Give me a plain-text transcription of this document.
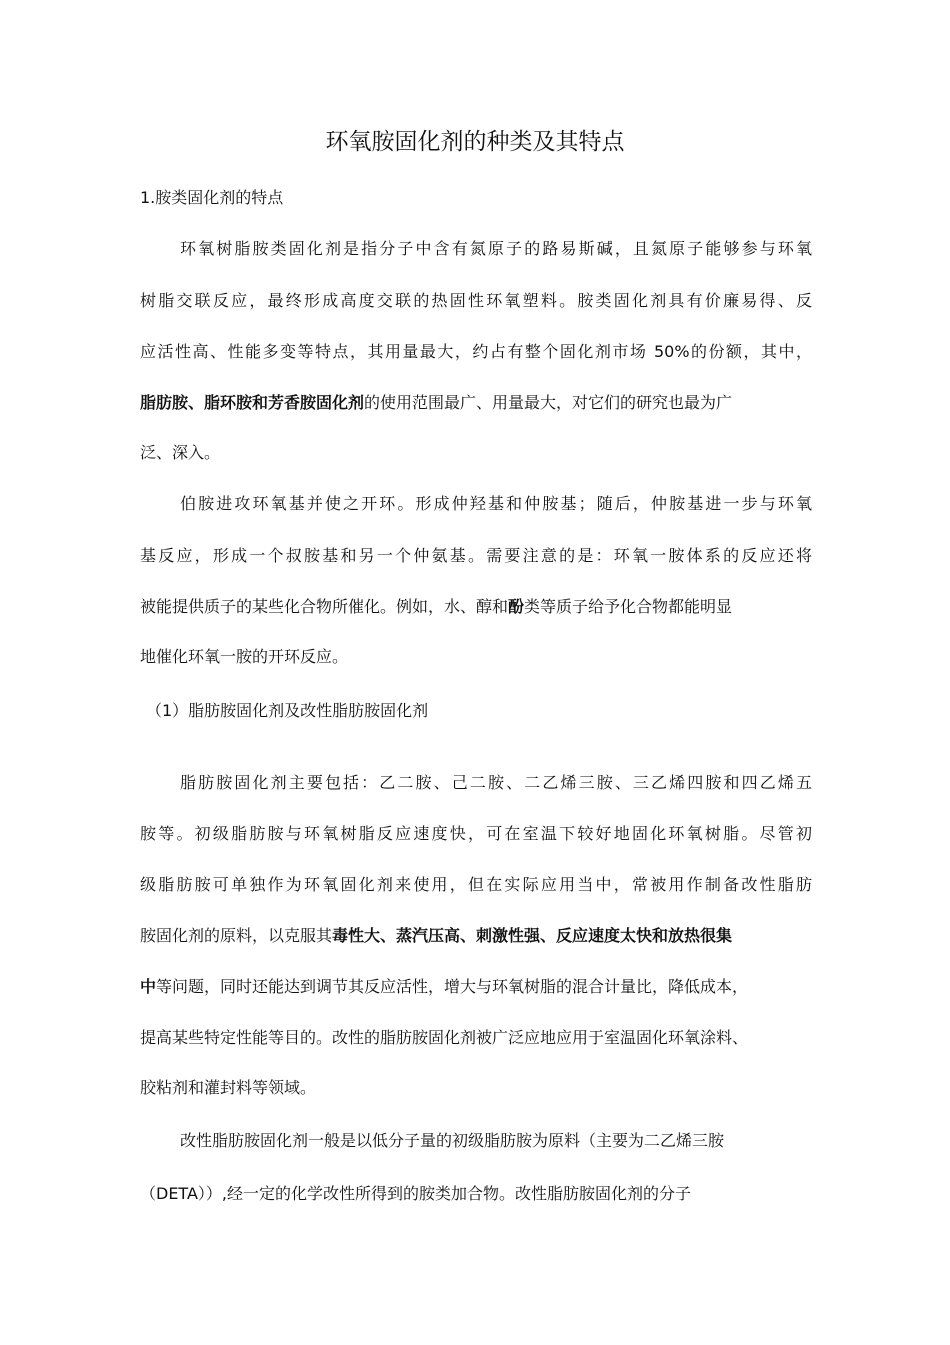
环氧胺固化剂的种类及其特点
1.胺类固化剂的特点
环氧树脂胺类固化剂是指分子中含有氮原子的路易斯碱，且氮原子能够参与环氧
树脂交联反应，最终形成高度交联的热固性环氧塑料。胺类固化剂具有价廉易得、反
应活性高、性能多变等特点，其用量最大，约占有整个固化剂市场 50%的份额，其中，
脂肪胺、脂环胺和芳香胺固化剂的使用范围最广、用量最大，对它们的研究也最为广
泛、深入。
伯胺进攻环氧基并使之开环。形成仲羟基和仲胺基；随后，仲胺基进一步与环氧
基反应，形成一个叔胺基和另一个仲氨基。需要注意的是：环氧一胺体系的反应还将
被能提供质子的某些化合物所催化。例如，水、醇和酚类等质子给予化合物都能明显
地催化环氧一胺的开环反应。
（1）脂肪胺固化剂及改性脂肪胺固化剂
脂肪胺固化剂主要包括：乙二胺、己二胺、二乙烯三胺、三乙烯四胺和四乙烯五
胺等。初级脂肪胺与环氧树脂反应速度快，可在室温下较好地固化环氧树脂。尽管初
级脂肪胺可单独作为环氧固化剂来使用，但在实际应用当中，常被用作制备改性脂肪
胺固化剂的原料，以克服其毒性大、蒸汽压高、刺激性强、反应速度太快和放热很集
中等问题，同时还能达到调节其反应活性，增大与环氧树脂的混合计量比，降低成本，
提高某些特定性能等目的。改性的脂肪胺固化剂被广泛应地应用于室温固化环氧涂料、
胶粘剂和灌封料等领域。
改性脂肪胺固化剂一般是以低分子量的初级脂肪胺为原料（主要为二乙烯三胺
（DETA））,经一定的化学改性所得到的胺类加合物。改性脂肪胺固化剂的分子
